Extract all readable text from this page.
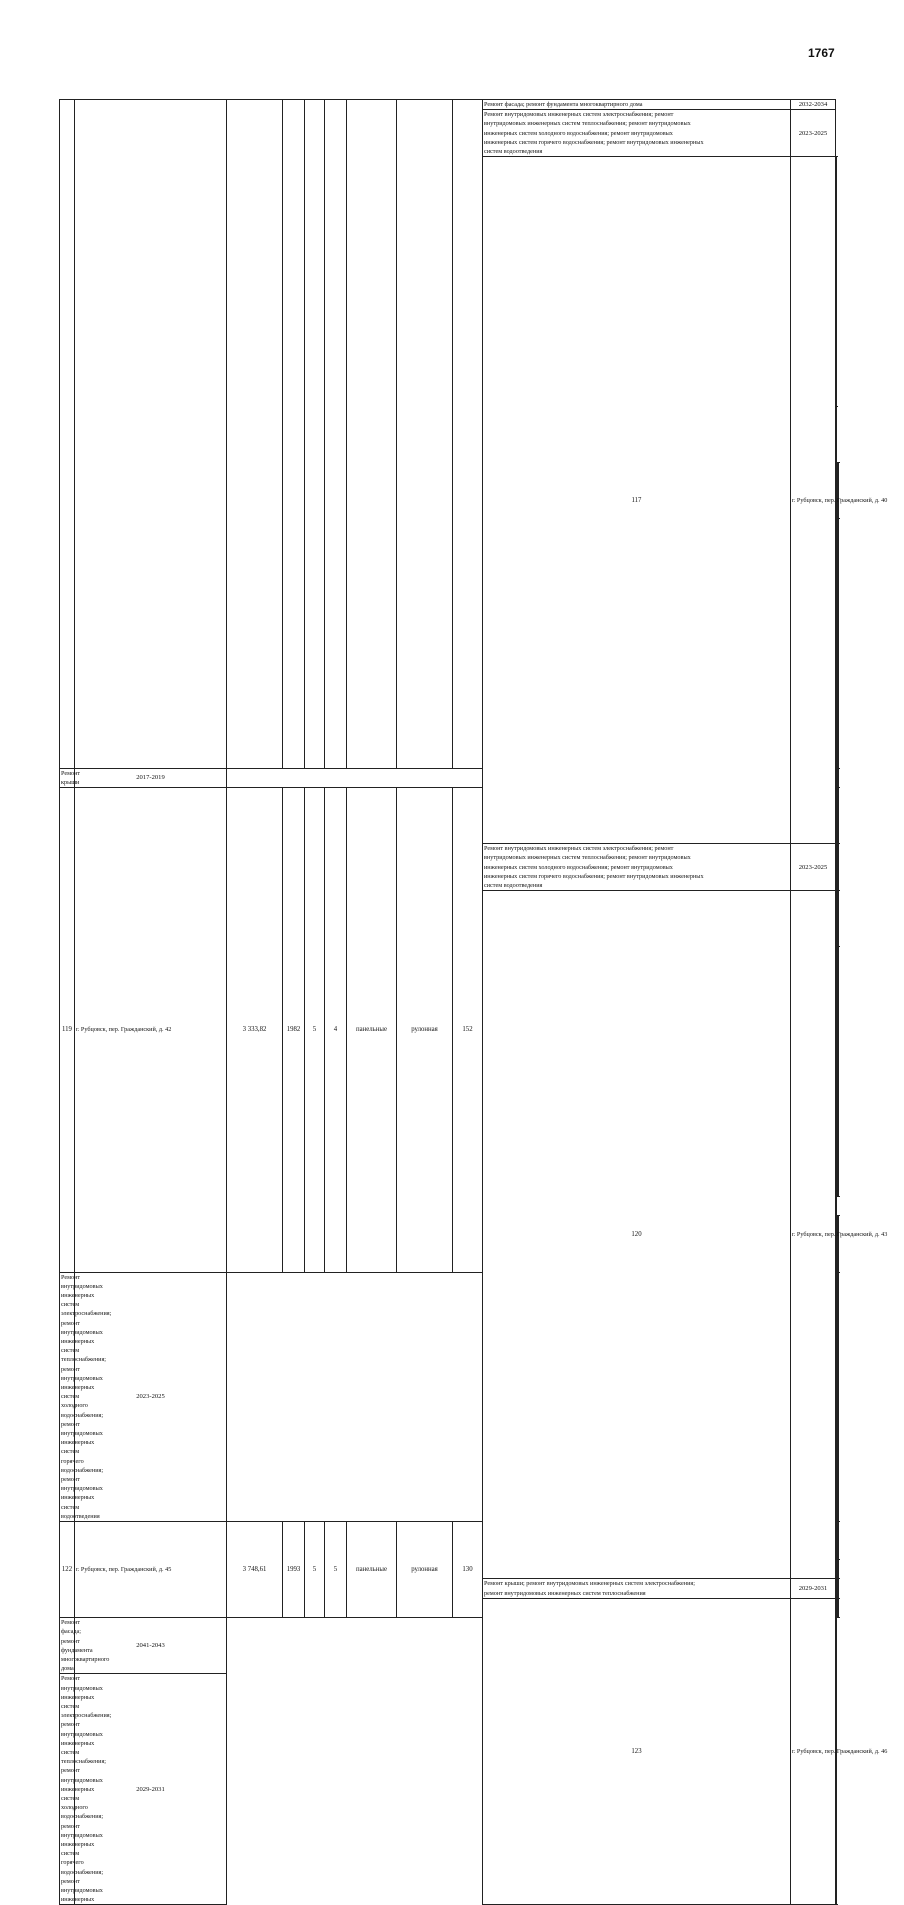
1767

									Ремонт фасада; ремонт фундамента многоквартирного дома	2032-2034		

									Ремонт внутридомовых инженерных систем электроснабжения; ремонт
внутридомовых инженерных систем теплоснабжения; ремонт внутридомовых
инженерных систем холодного водоснабжения; ремонт внутридомовых
инженерных систем горячего водоснабжения; ремонт внутридомовых инженерных
систем водоотведения	2023-2025		
									117	г. Рубцовск, пер. Гражданский, д. 40								

Ремонт крыши	2017-2019											
119	г. Рубцовск, пер. Гражданский, д. 42	3 333,82	1982	5	4	панельные	рулонная	152	

									Ремонт внутридомовых инженерных систем электроснабжения; ремонт
внутридомовых инженерных систем теплоснабжения; ремонт внутридомовых
инженерных систем холодного водоснабжения; ремонт внутридомовых
инженерных систем горячего водоснабжения; ремонт внутридомовых инженерных
систем водоотведения	2023-2025		
									120	г. Рубцовск, пер. Гражданский, д. 43								

Ремонт внутридомовых инженерных систем электроснабжения; ремонт
внутридомовых инженерных систем теплоснабжения; ремонт внутридомовых
инженерных систем холодного водоснабжения; ремонт внутридомовых
инженерных систем горячего водоснабжения; ремонт внутридомовых инженерных
систем водоотведения	2023-2025											
122	г. Рубцовск, пер. Гражданский, д. 45	3 748,61	1993	5	5	панельные	рулонная	130	

									Ремонт крыши; ремонт внутридомовых инженерных систем электроснабжения;
ремонт внутридомовых инженерных систем теплоснабжения	2029-2031		
									123	г. Рубцовск, пер. Гражданский, д. 46								

Ремонт фасада; ремонт фундамента многоквартирного дома	2041-2043											

Ремонт внутридомовых инженерных систем электроснабжения; ремонт
внутридомовых инженерных систем теплоснабжения; ремонт внутридомовых
инженерных систем холодного водоснабжения; ремонт внутридомовых
инженерных систем горячего водоснабжения; ремонт внутридомовых инженерных	2029-2031											
